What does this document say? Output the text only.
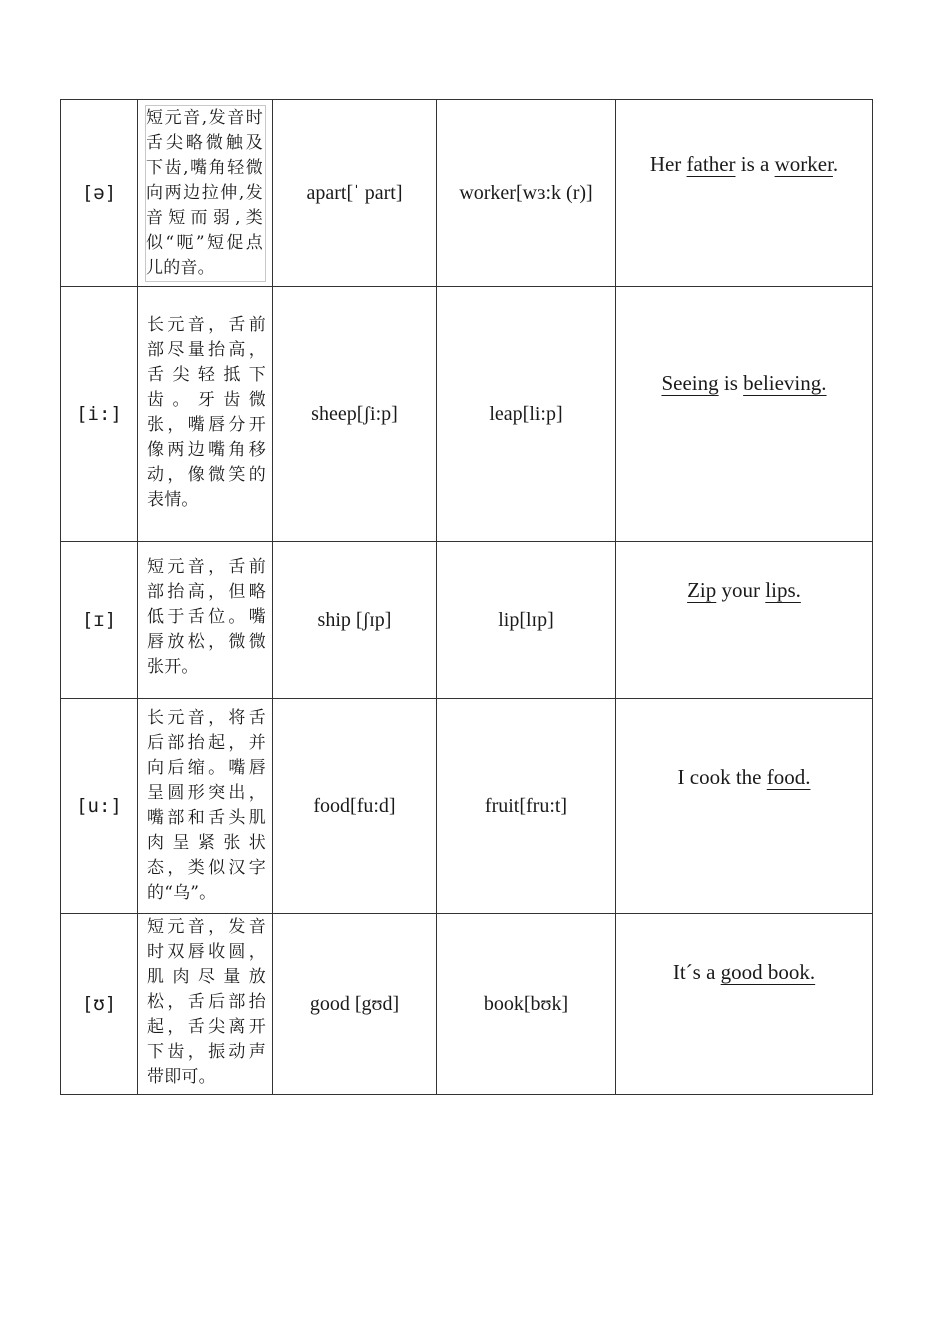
[ə]	短元音,发音时舌尖略微触及下齿,嘴角轻微向两边拉伸,发音短而弱,类似“呃”短促点儿的音。	apart[ˈ part]	worker[wɜ:k (r)]	Her father is a worker.
[i:]	长元音，舌前部尽量抬高，舌尖轻抵下齿。牙齿微张，嘴唇分开像两边嘴角移动，像微笑的表情。	sheep[ʃi:p]	leap[li:p]	Seeing is believing.
[ɪ]	短元音，舌前部抬高，但略低于舌位。嘴唇放松，微微张开。	ship [ʃɪp]	lip[lɪp]	Zip your lips.
[u:]	长元音，将舌后部抬起，并向后缩。嘴唇呈圆形突出，嘴部和舌头肌肉呈紧张状态，类似汉字的“乌”。	food[fu:d]	fruit[fru:t]	I cook the food.
[ʊ]	短元音，发音时双唇收圆，肌肉尽量放松，舌后部抬起，舌尖离开下齿，振动声带即可。	good [gʊd]	book[bʊk]	It´s a good book.
